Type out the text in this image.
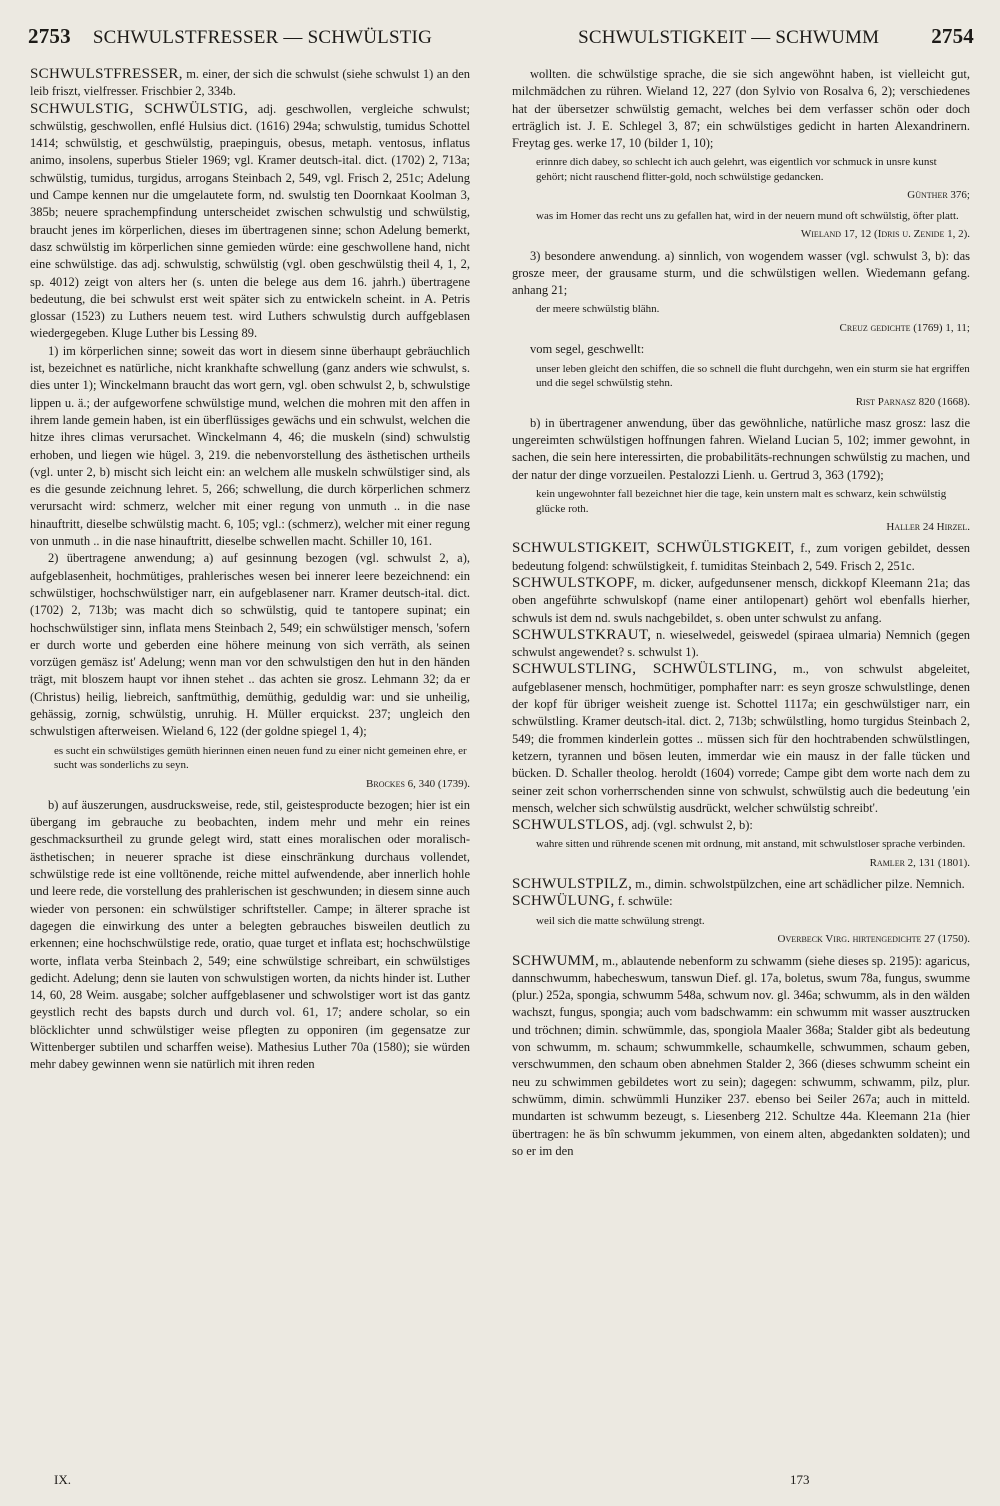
2753 SCHWULSTFRESSER — SCHWÜLSTIG	SCHWULSTIGKEIT — SCHWUMM 2754

SCHWULSTFRESSER, m. einer, der sich die schwulst (siehe schwulst 1) an den leib friszt, vielfresser. Frischbier 2, 334b.

SCHWULSTIG, SCHWÜLSTIG, adj. geschwollen, vergleiche schwulst; schwülstig, geschwollen, enflé Hulsius dict. (1616) 294a; schwulstig, tumidus Schottel 1414; schwülstig, et geschwülstig, praepinguis, obesus, metaph. ventosus, inflatus animo, insolens, superbus Stieler 1969; vgl. Kramer deutsch-ital. dict. (1702) 2, 713a; schwülstig, tumidus, turgidus, arrogans Steinbach 2, 549, vgl. Frisch 2, 251c; Adelung und Campe kennen nur die umgelautete form, nd. swulstig ten Doornkaat Koolman 3, 385b; neuere sprachempfindung unterscheidet zwischen schwulstig und schwülstig, braucht jenes im körperlichen, dieses im übertragenen sinne; schon Adelung bemerkt, dasz schwülstig im körperlichen sinne gemieden würde: eine geschwollene hand, nicht eine schwülstige. das adj. schwulstig, schwülstig (vgl. oben geschwülstig theil 4, 1, 2, sp. 4012) zeigt von alters her (s. unten die belege aus dem 16. jahrh.) übertragene bedeutung, die bei schwulst erst weit später sich zu entwickeln scheint. in A. Petris glossar (1523) zu Luthers neuem test. wird Luthers schwulstig durch auffgeblasen wiedergegeben. Kluge Luther bis Lessing 89.

1) im körperlichen sinne; soweit das wort in diesem sinne überhaupt gebräuchlich ist, bezeichnet es natürliche, nicht krankhafte schwellung (ganz anders wie schwulst, s. dies unter 1); Winckelmann braucht das wort gern, vgl. oben schwulst 2, b, schwulstige lippen u. ä.; der aufgeworfene schwülstige mund, welchen die mohren mit den affen in ihrem lande gemein haben, ist ein überflüssiges gewächs und ein schwulst, welchen die hitze ihres climas verursachet. Winckelmann 4, 46; die muskeln (sind) schwulstig erhoben, und liegen wie hügel. 3, 219. die nebenvorstellung des ästhetischen urtheils (vgl. unter 2, b) mischt sich leicht ein: an welchem alle muskeln schwülstiger sind, als es die gesunde zeichnung lehret. 5, 266; schwellung, die durch körperlichen schmerz verursacht wird: schmerz, welcher mit einer regung von unmuth .. in die nase hinauftritt, dieselbe schwülstig macht. 6, 105; vgl.: (schmerz), welcher mit einer regung von unmuth .. in die nase hinauftritt, dieselbe schwellen macht. Schiller 10, 161.

2) übertragene anwendung; a) auf gesinnung bezogen (vgl. schwulst 2, a), aufgeblasenheit, hochmütiges, prahlerisches wesen bei innerer leere bezeichnend: ein schwülstiger, hochschwülstiger narr, ein aufgeblasener narr. Kramer deutsch-ital. dict. (1702) 2, 713b; was macht dich so schwülstig, quid te tantopere supinat; ein hochschwülstiger sinn, inflata mens Steinbach 2, 549; ein schwülstiger mensch, 'sofern er durch worte und geberden eine höhere meinung von sich verräth, als seinen vorzügen gemäsz ist' Adelung; wenn man vor den schwulstigen den hut in den händen trägt, mit bloszem haupt vor ihnen stehet .. das achten sie grosz. Lehmann 32; da er (Christus) heilig, liebreich, sanftmüthig, demüthig, geduldig war: und sie unheilig, gehässig, zornig, schwülstig, unruhig. H. Müller erquickst. 237; ungleich den schwulstigen afterweisen. Wieland 6, 122 (der goldne spiegel 1, 4);

es sucht ein schwülstiges gemüth hierinnen einen neuen fund zu einer nicht gemeinen ehre, er sucht was sonderlichs zu seyn.
Brockes 6, 340 (1739).

b) auf äuszerungen, ausdrucksweise, rede, stil, geistesproducte bezogen; hier ist ein übergang im gebrauche zu beobachten, indem mehr und mehr ein reines geschmacksurtheil zu grunde gelegt wird, statt eines moralischen oder moralisch-ästhetischen; in neuerer sprache ist diese einschränkung durchaus vollendet, schwülstige rede ist eine volltönende, reiche mittel aufwendende, aber innerlich hohle und leere rede, die vorstellung des prahlerischen ist geschwunden; in diesem sinne auch wieder von personen: ein schwülstiger schriftsteller. Campe; in älterer sprache ist dagegen die einwirkung des unter a belegten gebrauches bisweilen deutlich zu erkennen; eine hochschwülstige rede, oratio, quae turget et inflata est; hochschwülstige worte, inflata verba Steinbach 2, 549; eine schwülstige schreibart, ein schwülstiges gedicht. Adelung; denn sie lauten von schwulstigen worten, da nichts hinder ist. Luther 14, 60, 28 Weim. ausgabe; solcher auffgeblasener und schwolstiger wort ist das gantz geystlich recht des bapsts durch und durch vol. 61, 17; andere scholar, so ein blöcklichter unnd schwülstiger weise pflegten zu opponiren (im gegensatze zur Wittenberger subtilen und scharffen weise). Mathesius Luther 70a (1580); sie würden mehr dabey gewinnen wenn sie natürlich mit ihren reden

wollten. die schwülstige sprache, die sie sich angewöhnt haben, ist vielleicht gut, milchmädchen zu rühren. Wieland 12, 227 (don Sylvio von Rosalva 6, 2); verschiedenes hat der übersetzer schwülstig gemacht, welches bei dem verfasser schön oder doch erträglich ist. J. E. Schlegel 3, 87; ein schwülstiges gedicht in harten Alexandrinern. Freytag ges. werke 17, 10 (bilder 1, 10);

erinnre dich dabey, so schlecht ich auch gelehrt, was eigentlich vor schmuck in unsre kunst gehört; nicht rauschend flitter-gold, noch schwülstige gedancken.
Günther 376;
was im Homer das recht uns zu gefallen hat, wird in der neuern mund oft schwülstig, öfter platt.
Wieland 17, 12 (Idris u. Zenide 1, 2).

3) besondere anwendung. a) sinnlich, von wogendem wasser (vgl. schwulst 3, b): das grosze meer, der grausame sturm, und die schwülstigen wellen. Wiedemann gefang. anhang 21;

der meere schwülstig blähn.
Creuz gedichte (1769) 1, 11;

vom segel, geschwellt:

unser leben gleicht den schiffen, die so schnell die fluht durchgehn, wen ein sturm sie hat ergriffen und die segel schwülstig stehn.
Rist Parnasz 820 (1668).

b) in übertragener anwendung, über das gewöhnliche, natürliche masz grosz: lasz die ungereimten schwülstigen hoffnungen fahren. Wieland Lucian 5, 102; immer gewohnt, in sachen, die sein here interessirten, die probabilitäts-rechnungen schwülstig zu machen, und der natur der dinge vorzueilen. Pestalozzi Lienh. u. Gertrud 3, 363 (1792);

kein ungewohnter fall bezeichnet hier die tage, kein unstern malt es schwarz, kein schwülstig glücke roth.
Haller 24 Hirzel.

SCHWULSTIGKEIT, SCHWÜLSTIGKEIT, f., zum vorigen gebildet, dessen bedeutung folgend: schwülstigkeit, f. tumiditas Steinbach 2, 549. Frisch 2, 251c.

SCHWULSTKOPF, m. dicker, aufgedunsener mensch, dickkopf Kleemann 21a; das oben angeführte schwulskopf (name einer antilopenart) gehört wol ebenfalls hierher, schwuls ist dem nd. swuls nachgebildet, s. oben unter schwulst zu anfang.

SCHWULSTKRAUT, n. wieselwedel, geiswedel (spiraea ulmaria) Nemnich (gegen schwulst angewendet? s. schwulst 1).

SCHWULSTLING, SCHWÜLSTLING, m., von schwulst abgeleitet, aufgeblasener mensch, hochmütiger, pomphafter narr: es seyn grosze schwulstlinge, denen der kopf für übriger weisheit zuenge ist. Schottel 1117a; ein geschwülstiger narr, ein schwülstling. Kramer deutsch-ital. dict. 2, 713b; schwülstling, homo turgidus Steinbach 2, 549; die frommen kinderlein gottes .. müssen sich für den hochtrabenden schwülstlingen, ketzern, tyrannen und bösen leuten, immerdar wie ein mausz in der falle tücken und bücken. D. Schaller theolog. heroldt (1604) vorrede; Campe gibt dem worte nach dem zu seiner zeit schon vorherrschenden sinne von schwulst, schwülstig auch die bedeutung 'ein mensch, welcher sich schwülstig ausdrückt, welcher schwülstig schreibt'.

SCHWULSTLOS, adj. (vgl. schwulst 2, b):

wahre sitten und rührende scenen mit ordnung, mit anstand, mit schwulstloser sprache verbinden.
Ramler 2, 131 (1801).

SCHWULSTPILZ, m., dimin. schwolstpülzchen, eine art schädlicher pilze. Nemnich.

SCHWÜLUNG, f. schwüle:

weil sich die matte schwülung strengt.
Overbeck Virg. hirtengedichte 27 (1750).

SCHWUMM, m., ablautende nebenform zu schwamm (siehe dieses sp. 2195): agaricus, dannschwumm, habecheswum, tanswun Dief. gl. 17a, boletus, swum 78a, fungus, swumme (plur.) 252a, spongia, schwumm 548a, schwum nov. gl. 346a; schwumm, als in den wälden wachszt, fungus, spongia; auch vom badschwamm: ein schwumm mit wasser ausztrucken und tröchnen; dimin. schwümmle, das, spongiola Maaler 368a; Stalder gibt als bedeutung von schwumm, m. schaum; schwummkelle, schaumkelle, schwummen, schaum geben, verschwummen, den schaum oben abnehmen Stalder 2, 366 (dieses schwumm scheint ein neu zu schwimmen gebildetes wort zu sein); dagegen: schwumm, schwamm, pilz, plur. schwümm, dimin. schwümmli Hunziker 237. ebenso bei Seiler 267a; auch in mitteld. mundarten ist schwumm bezeugt, s. Liesenberg 212. Schultze 44a. Kleemann 21a (hier übertragen: he äs bîn schwumm jekummen, von einem alten, abgedankten soldaten); und so er im den

IX.	173
